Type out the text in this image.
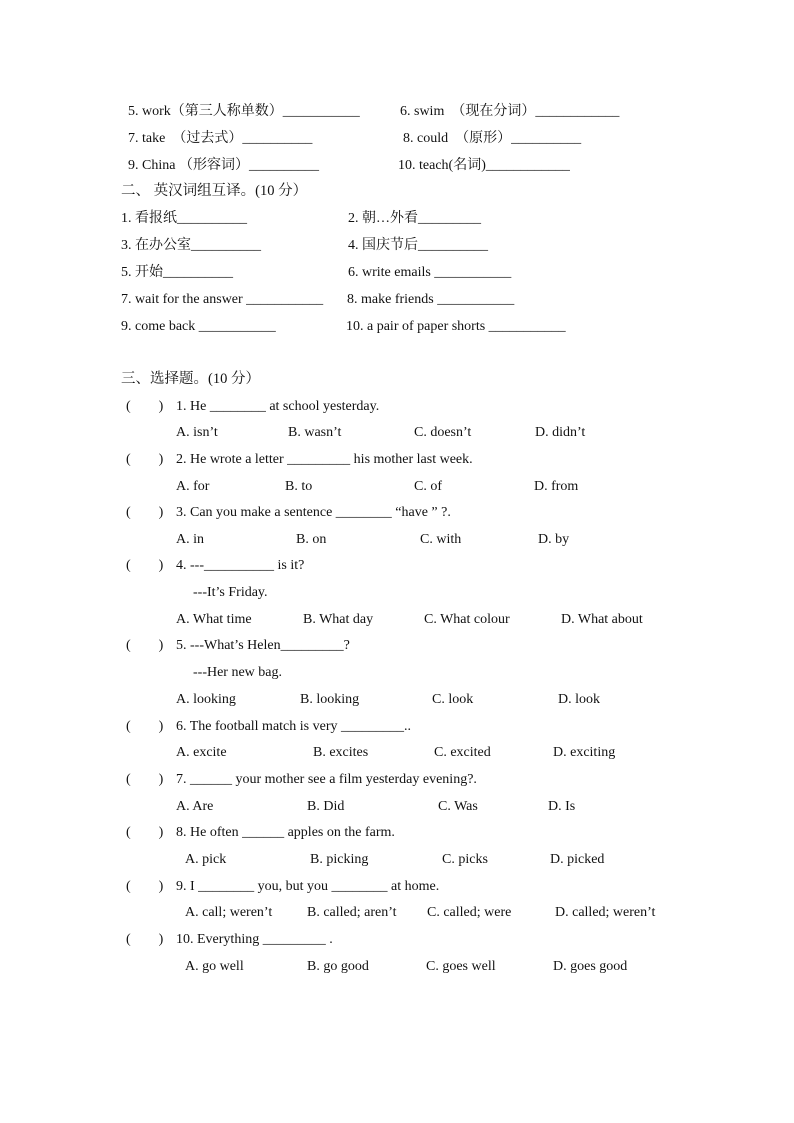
5. work（第三人称单数）___________	6. swim　（现在分词）____________
7. take　（过去式）__________	8. could　（原形）__________
9. China （形容词）__________	10. teach(名词)____________
二、 英汉词组互译。(10 分）
1. 看报纸__________	2. 朝…外看_________
3. 在办公室__________	4. 国庆节后__________
5. 开始__________	6. write emails ___________
7. wait for the answer ___________ 8. make friends ___________
9. come back ___________	10. a pair of paper shorts ___________
三、选择题。(10 分）
(　　) 1. He ________ at school yesterday.
A. isn’t	B. wasn’t	C. doesn’t	D. didn’t
(　　) 2. He wrote a letter _________ his mother last week.
A. for	B. to	C. of	D. from
(　　) 3. Can you make a sentence ________ “have ” ?.
A. in	B. on	C. with	D. by
(　　) 4. ---__________ is it?
---It’s Friday.
A. What time	B. What day	C. What colour	D. What about
(　　) 5. ---What’s Helen_________?
---Her new bag.
A. looking	B. looking	C. look	D. look
(　　) 6. The football match is very _________..
A. excite	B. excites	C. excited	D. exciting
(　　) 7. ______ your mother see a film yesterday evening?.
A. Are	B. Did	C. Was	D. Is
(　　) 8. He often ______ apples on the farm.
A. pick	B. picking	C. picks	D. picked
(　　) 9. I ________ you, but you ________ at home.
A. call; weren’t B. called; aren’t C. called; were	D. called; weren’t
(　　) 10. Everything _________ .
A. go well	B. go good	C. goes well	D. goes good
